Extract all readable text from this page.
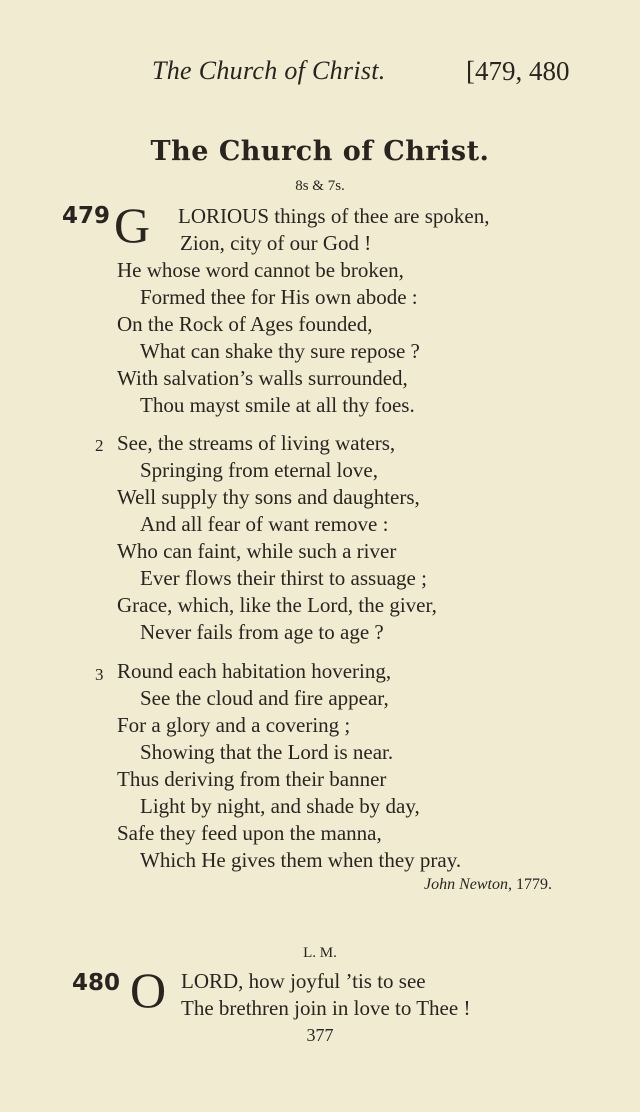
The Church of Christ.	[479, 480
The Church of Christ.
8s & 7s.
479 G LORIOUS things of thee are spoken,
Zion, city of our God !
He whose word cannot be broken,
Formed thee for His own abode :
On the Rock of Ages founded,
What can shake thy sure repose ?
With salvation’s walls surrounded,
Thou mayst smile at all thy foes.
2 See, the streams of living waters,
Springing from eternal love,
Well supply thy sons and daughters,
And all fear of want remove :
Who can faint, while such a river
Ever flows their thirst to assuage ;
Grace, which, like the Lord, the giver,
Never fails from age to age ?
3 Round each habitation hovering,
See the cloud and fire appear,
For a glory and a covering ;
Showing that the Lord is near.
Thus deriving from their banner
Light by night, and shade by day,
Safe they feed upon the manna,
Which He gives them when they pray.
John Newton, 1779.
L. M.
480 O LORD, how joyful ’tis to see
The brethren join in love to Thee !
377
